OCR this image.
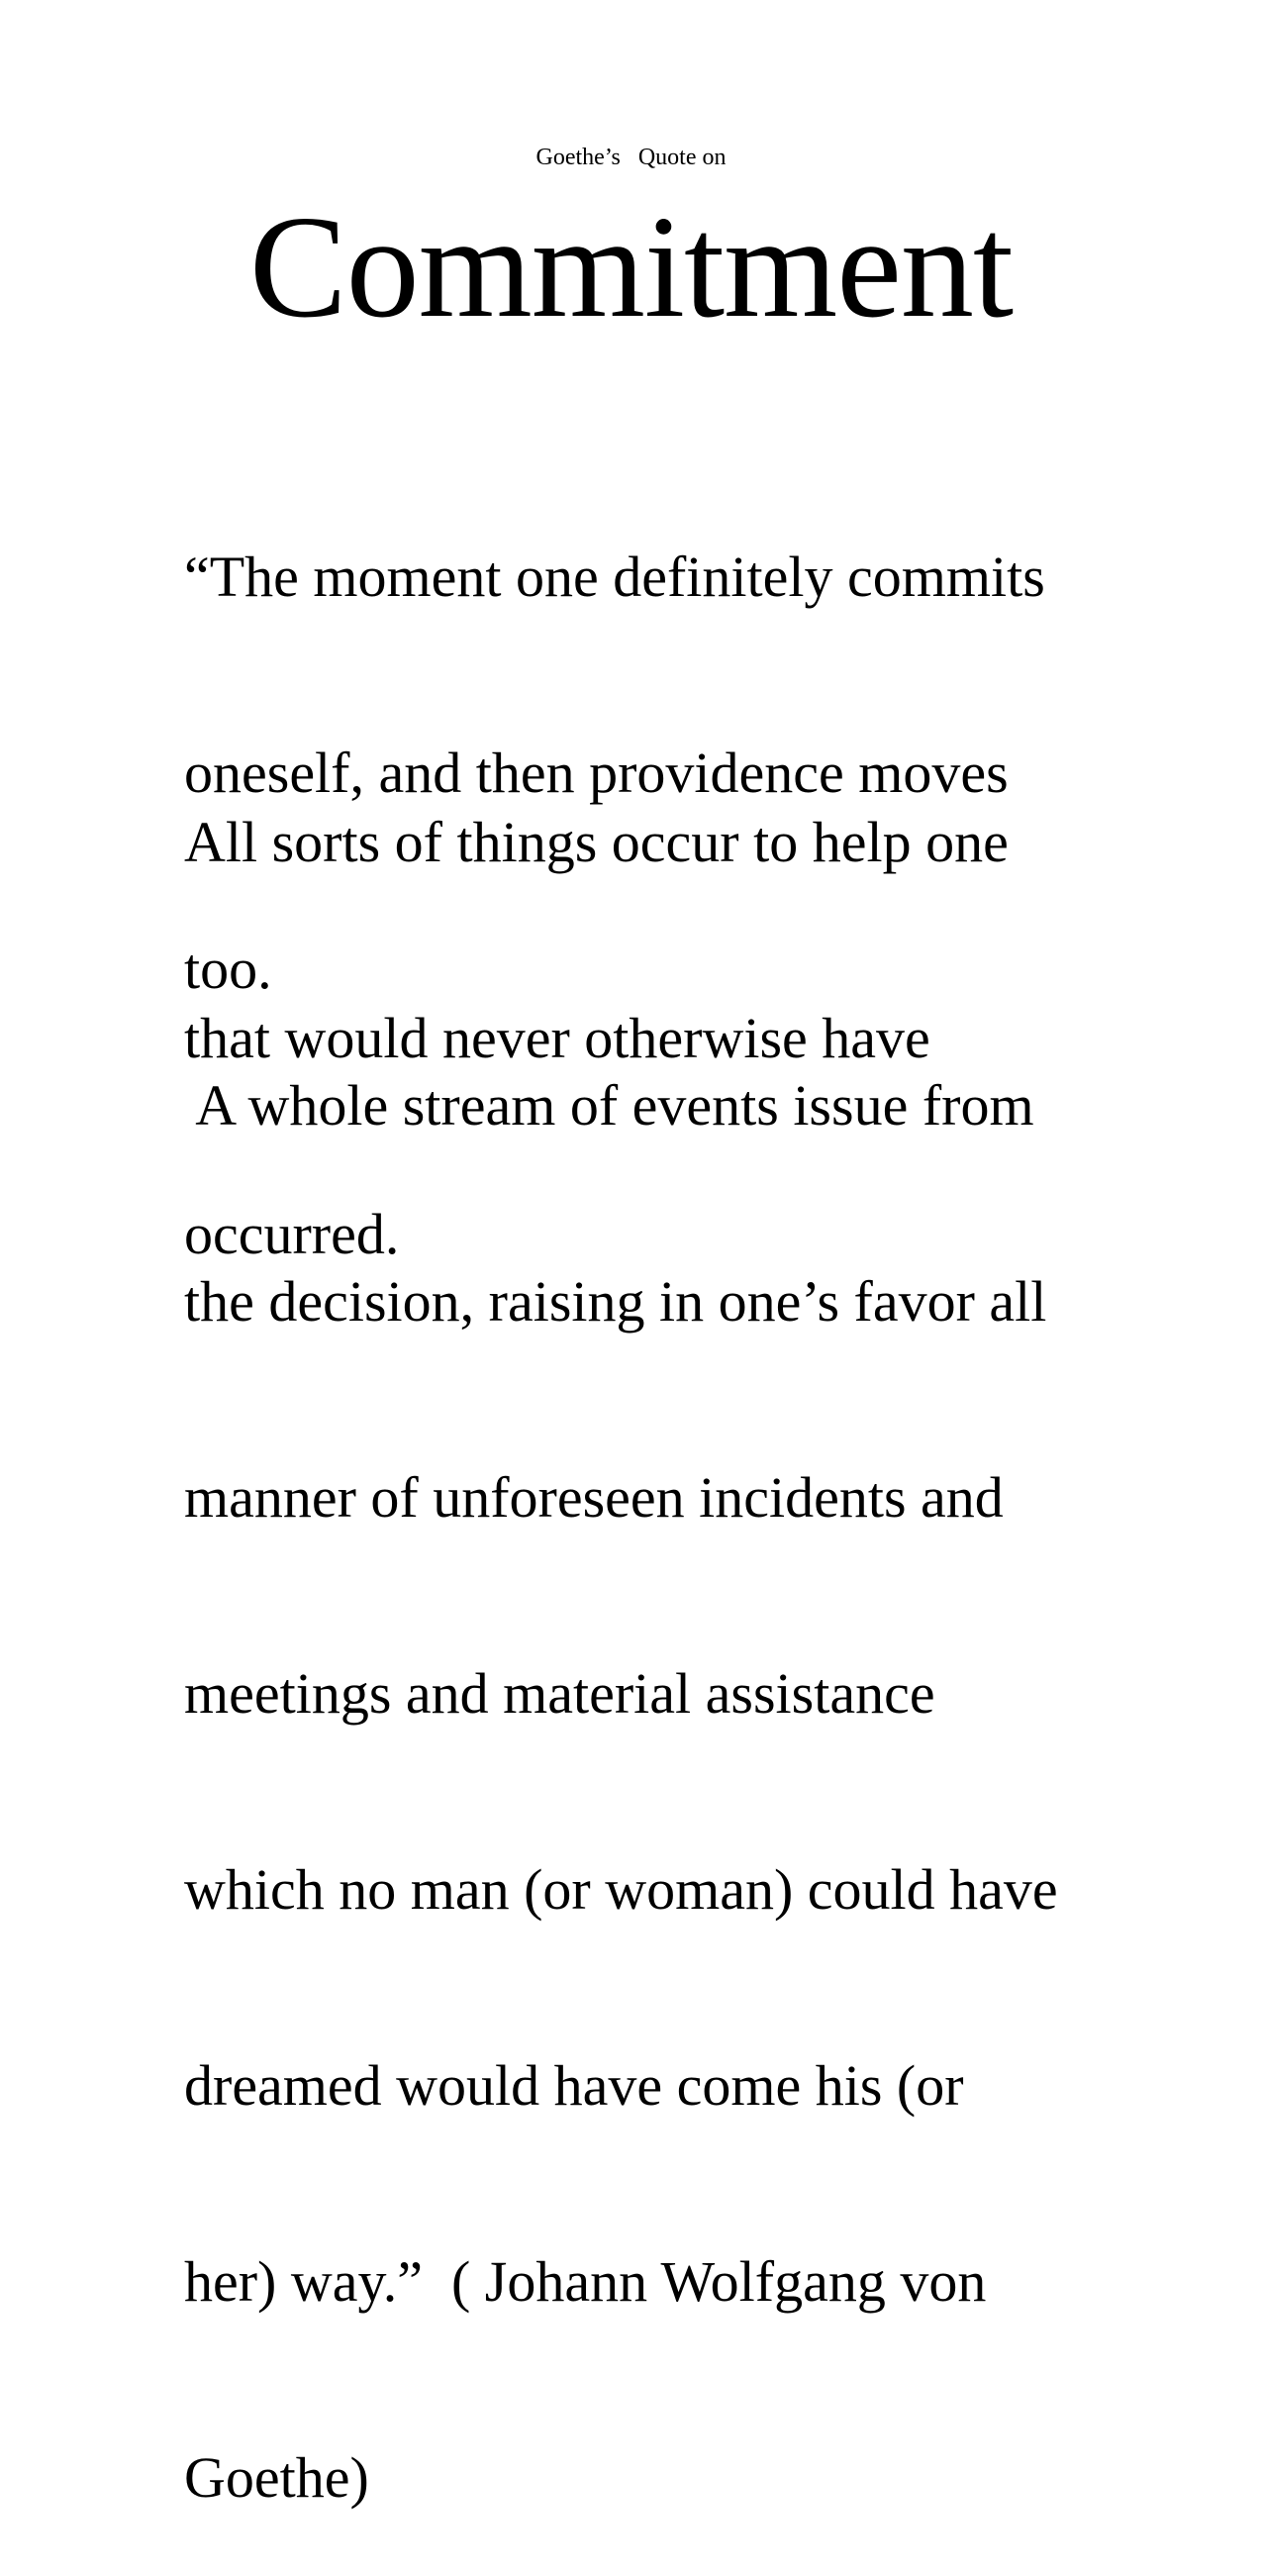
Goethe’s   Quote on
Commitment

“The moment one definitely commits

oneself, and then providence moves

too.

All sorts of things occur to help one

that would never otherwise have

occurred.

A whole stream of events issue from

the decision, raising in one’s favor all

manner of unforeseen incidents and

meetings and material assistance

which no man (or woman) could have

dreamed would have come his (or

her) way.”  ( Johann Wolfgang von

Goethe)
